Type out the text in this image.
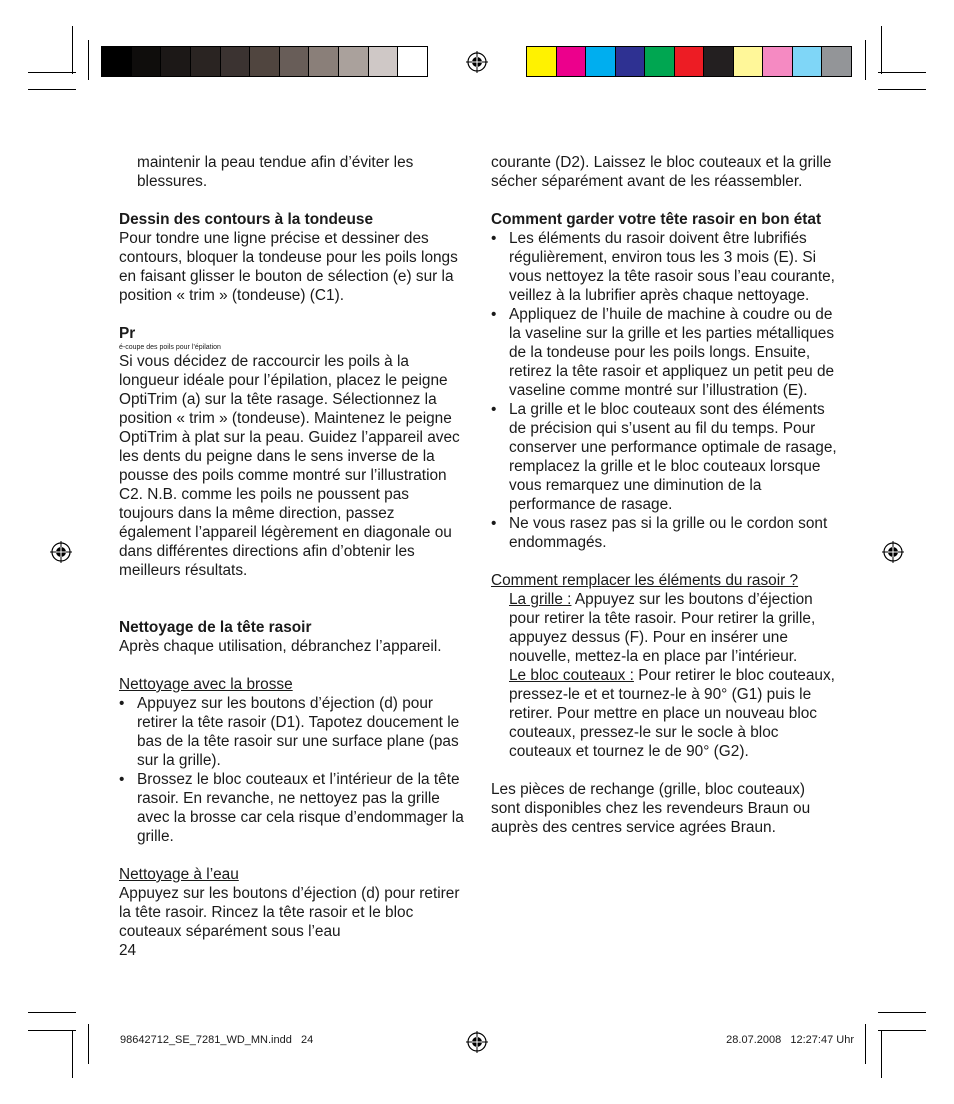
maintenir la peau tendue afin d’éviter les blessures.

Dessin des contours à la tondeuse

Pour tondre une ligne précise et dessiner des contours, bloquer la tondeuse pour les poils longs en faisant glisser le bouton de sélection (e) sur la position « trim » (tondeuse) (C1).

Pr

é-coupe des poils pour l’épilation

Si vous décidez de raccourcir les poils à la longueur idéale pour l’épilation, placez le peigne OptiTrim (a) sur la tête rasage. Sélectionnez la position « trim » (tondeuse). Maintenez le peigne OptiTrim à plat sur la peau. Guidez l’appareil avec les dents du peigne dans le sens inverse de la pousse des poils comme montré sur l’illustration C2. N.B. comme les poils ne poussent pas toujours dans la même direction, passez également l’appareil légèrement en diagonale ou dans différentes directions afin d’obtenir les meilleurs résultats.

Nettoyage de la tête rasoir

Après chaque utilisation, débranchez l’appareil.

Nettoyage avec la brosse

• Appuyez sur les boutons d’éjection (d) pour retirer la tête rasoir (D1). Tapotez doucement le bas de la tête rasoir sur une surface plane (pas sur la grille).
• Brossez le bloc couteaux et l’intérieur de la tête rasoir. En revanche, ne nettoyez pas la grille avec la brosse car cela risque d’endommager la grille.

Nettoyage à l’eau

Appuyez sur les boutons d’éjection (d) pour retirer la tête rasoir. Rincez la tête rasoir et le bloc couteaux séparément sous l’eau

24

courante (D2). Laissez le bloc couteaux et la grille sécher séparément avant de les réassembler.

Comment garder votre tête rasoir en bon état

• Les éléments du rasoir doivent être lubrifiés régulièrement, environ tous les 3 mois (E). Si vous nettoyez la tête rasoir sous l’eau courante, veillez à la lubrifier après chaque nettoyage.
• Appliquez de l’huile de machine à coudre ou de la vaseline sur la grille et les parties métalliques de la tondeuse pour les poils longs. Ensuite, retirez la tête rasoir et appliquez un petit peu de vaseline comme montré sur l’illustration (E).
• La grille et le bloc couteaux sont des éléments de précision qui s’usent au fil du temps. Pour conserver une performance optimale de rasage, remplacez la grille et le bloc couteaux lorsque vous remarquez une diminution de la performance de rasage.
• Ne vous rasez pas si la grille ou le cordon sont endommagés.

Comment remplacer les éléments du rasoir ?

La grille : Appuyez sur les boutons d’éjection pour retirer la tête rasoir. Pour retirer la grille, appuyez dessus (F). Pour en insérer une nouvelle, mettez-la en place par l’intérieur.

Le bloc couteaux : Pour retirer le bloc couteaux, pressez-le et et tournez-le à 90° (G1) puis le retirer. Pour mettre en place un nouveau bloc couteaux, pressez-le sur le socle à bloc couteaux et tournez le de 90° (G2).

Les pièces de rechange (grille, bloc couteaux) sont disponibles chez les revendeurs Braun ou auprès des centres service agrées Braun.

98642712_SE_7281_WD_MN.indd   24	28.07.2008   12:27:47 Uhr
